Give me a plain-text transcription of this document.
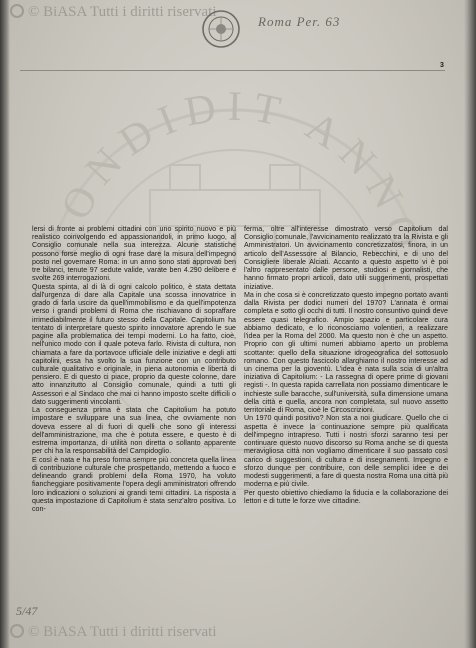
© BiASA Tutti i diritti riservati
Roma Per. 63
3
CONDIDIT ANNO

lersi di fronte ai problemi cittadini con uno spirito nuovo e più realistico coinvolgendo ed appassionandoli, in primo luogo, al Consiglio comunale nella sua interezza. Alcune statistiche possono forse meglio di ogni frase dare la misura dell'impegno posto nel governare Roma: in un anno sono stati approvati ben tre bilanci, tenute 97 sedute valide, varate ben 4.290 delibere e svolte 269 interrogazioni.

Questa spinta, al di là di ogni calcolo politico, è stata dettata dall'urgenza di dare alla Capitale una scossa innovatrice in grado di farla uscire da quell'immobilismo e da quell'impotenza verso i grandi problemi di Roma che rischiavano di sopraffare irrimediabilmente il futuro stesso della Capitale. Capitolium ha tentato di interpretare questo spirito innovatore aprendo le sue pagine alla problematica dei tempi moderni. Lo ha fatto, cioè, nell'unico modo con il quale poteva farlo. Rivista di cultura, non chiamata a fare da portavoce ufficiale delle iniziative e degli atti capitolini, essa ha svolto la sua funzione con un contributo culturale qualitativo e originale, in piena autonomia e libertà di pensiero. E di questo ci piace, proprio da queste colonne, dare atto innanzitutto al Consiglio comunale, quindi a tutti gli Assessori e al Sindaco che mai ci hanno imposto scelte difficili o dato suggerimenti vincolanti.

La conseguenza prima è stata che Capitolium ha potuto impostare e sviluppare una sua linea, che ovviamente non doveva essere al di fuori di quelli che sono gli interessi dell'amministrazione, ma che è potuta essere, e questo è di estrema importanza, di utilità non diretta o sollanto apparente per chi ha la responsabilità del Campidoglio.

E così è nata e ha preso forma sempre più concreta quella linea di contribuzione culturale che prospettando, mettendo a fuoco e delineando grandi problemi della Roma 1970, ha voluto fiancheggiare positivamente l'opera degli amministratori offrendo loro indicazioni o soluzioni ai grandi temi cittadini. La risposta a questa impostazione di Capitolium è stata senz'altro positiva. Lo con-

ferma, oltre all'interesse dimostrato verso Capitolium dal Consiglio comunale, l'avvicinamento realizzato tra la Rivista e gli Amministratori. Un avvicinamento concretizzatosi, finora, in un articolo dell'Assessore al Bilancio, Rebecchini, e di uno del Consigliere liberale Alciati. Accanto a questo aspetto vi è poi l'altro rappresentato dalle persone, studiosi e giornalisti, che hanno firmato propri articoli, dato utili suggerimenti, prospettati iniziative.

Ma in che cosa si è concretizzato questo impegno portato avanti dalla Rivista per dodici numeri del 1970? L'annata è ormai completa e sotto gli occhi di tutti. Il nostro consuntivo quindi deve essere quasi telegrafico. Ampio spazio e particolare cura abbiamo dedicato, e lo riconosciamo volentieri, a realizzare l'idea per la Roma del 2000. Ma questo non è che un aspetto. Proprio con gli ultimi numeri abbiamo aperto un problema scottante: quello della situazione idrogeografica del sottosuolo romano. Con questo fascicolo allarghiamo il nostro interesse ad un cinema per la gioventù. L'idea è nata sulla scia di un'altra iniziativa di Capitolium: - La rassegna di opere prime di giovani registi -. In questa rapida carrellata non possiamo dimenticare le inchieste sulle baracche, sull'università, sulla dimensione umana della città e quella, ancora non completata, sul nuovo assetto territoriale di Roma, cioè le Circoscrizioni.

Un 1970 quindi positivo? Non sta a noi giudicare. Quello che ci aspetta è invece la continuazione sempre più qualificata dell'impegno intrapreso. Tutti i nostri sforzi saranno tesi per continuare questo nuovo discorso su Roma anche se di questa meravigliosa città non vogliamo dimenticare il suo passato così carico di suggestioni, di cultura e di insegnamenti. Impegno e sforzo dunque per contribuire, con delle semplici idee e dei modesti suggerimenti, a fare di questa nostra Roma una città più moderna e più civile.

Per questo obiettivo chiediamo la fiducia e la collaborazione dei lettori e di tutte le forze vive cittadine.

5/47
© BiASA Tutti i diritti riservati
